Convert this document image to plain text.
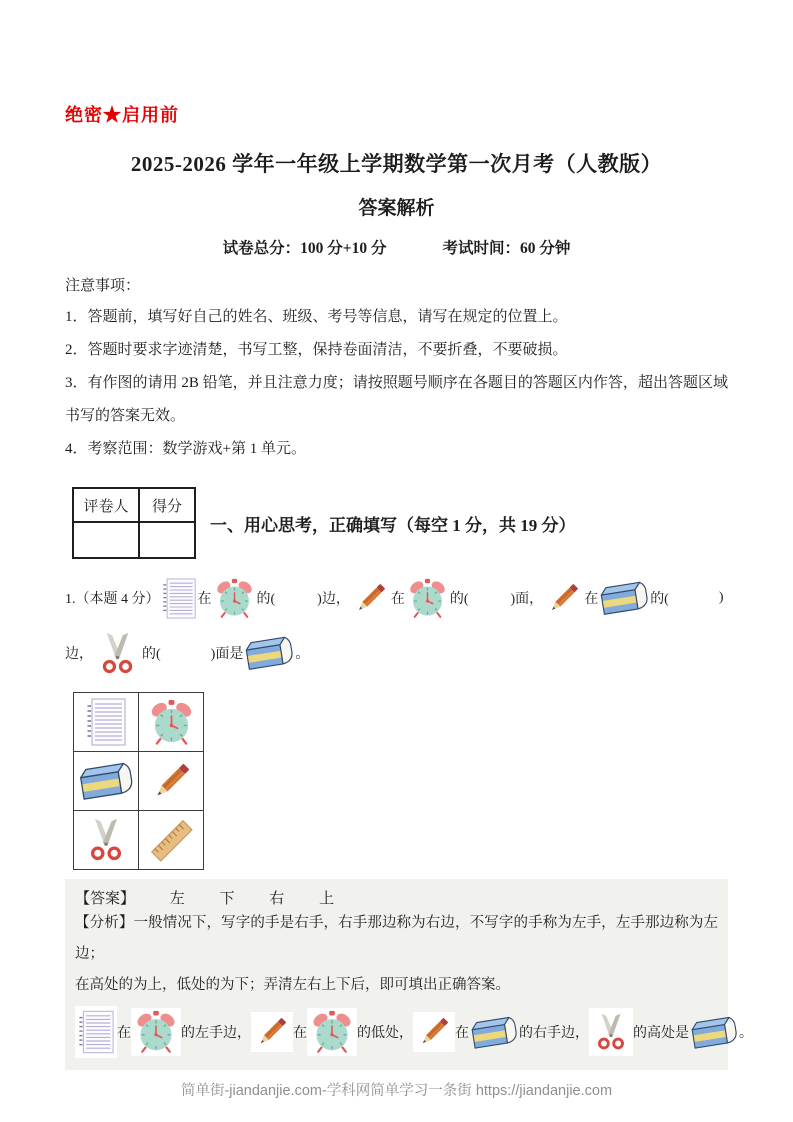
绝密★启用前
2025-2026 学年一年级上学期数学第一次月考（人教版）
答案解析
试卷总分：100 分+10 分	考试时间：60 分钟
注意事项：
1．答题前，填写好自己的姓名、班级、考号等信息，请写在规定的位置上。
2．答题时要求字迹清楚，书写工整，保持卷面清洁，不要折叠，不要破损。
3．有作图的请用 2B 铅笔，并且注意力度；请按照题号顺序在各题目的答题区内作答，超出答题区域书写的答案无效。
4．考察范围：数学游戏+第 1 单元。
评卷人	得分

一、用心思考，正确填写（每空 1 分，共 19 分）
1.（本题 4 分）	在	的(	)边，	在	的(	)面，	在	的(	)
边，	的(	)面是	。

【答案】 左 下 右 上
【分析】一般情况下，写字的手是右手，右手那边称为右边，不写字的手称为左手，左手那边称为左边；
在高处的为上，低处的为下；弄清左右上下后，即可填出正确答案。
在	的左手边，	在	的低处，	在	的右手边，	的高处是	。
简单街-jiandanjie.com-学科网简单学习一条街 https://jiandanjie.com
